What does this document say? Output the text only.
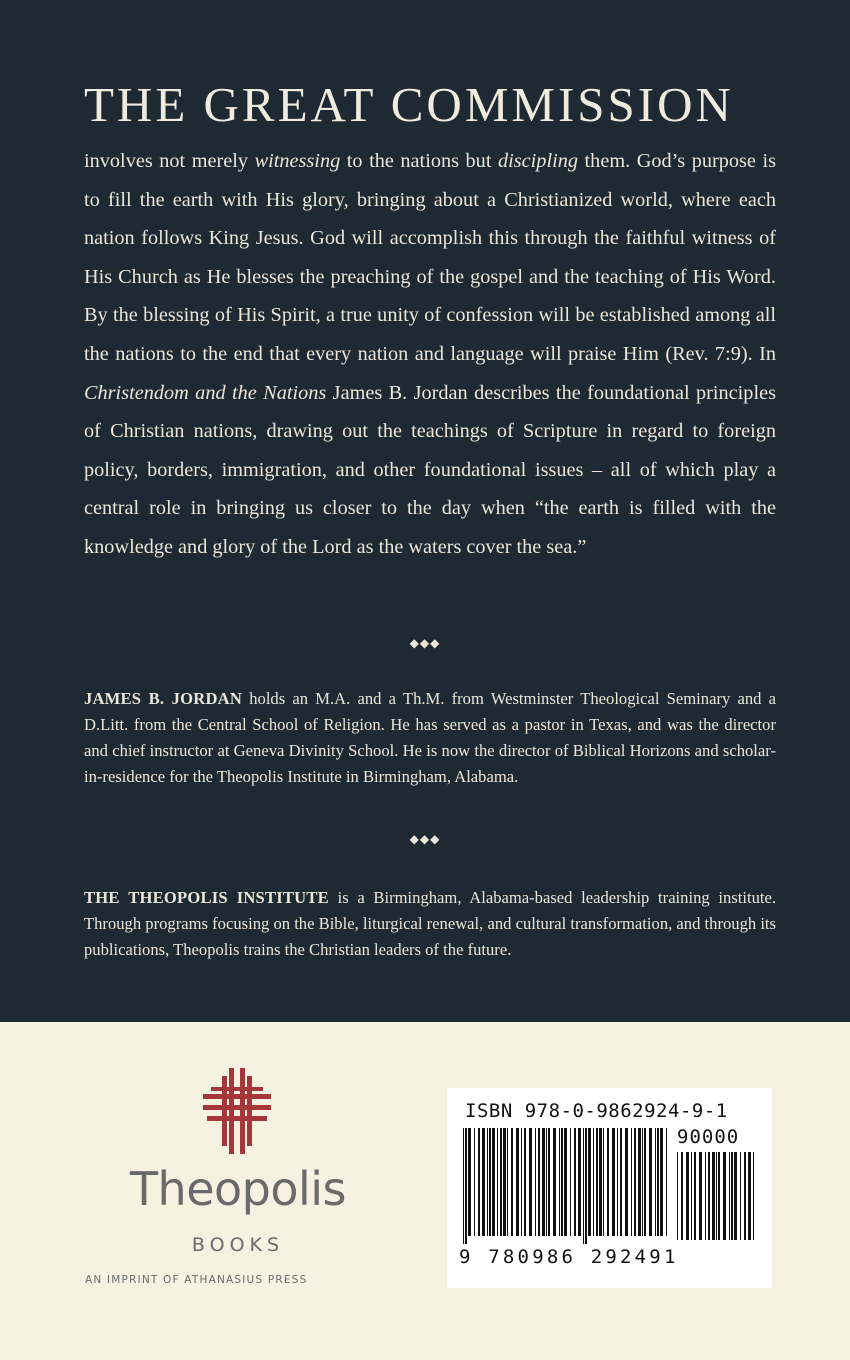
THE GREAT COMMISSION

involves not merely witnessing to the nations but discipling them. God’s purpose is to fill the earth with His glory, bringing about a Christianized world, where each nation follows King Jesus. God will accomplish this through the faithful witness of His Church as He blesses the preaching of the gospel and the teaching of His Word. By the blessing of His Spirit, a true unity of confession will be established among all the nations to the end that every nation and language will praise Him (Rev. 7:9). In Christendom and the Nations James B. Jordan describes the foundational principles of Christian nations, drawing out the teachings of Scripture in regard to foreign policy, borders, immigration, and other foundational issues – all of which play a central role in bringing us closer to the day when “the earth is filled with the knowledge and glory of the Lord as the waters cover the sea.”

◆◆◆

JAMES B. JORDAN holds an M.A. and a Th.M. from Westminster Theological Seminary and a D.Litt. from the Central School of Religion. He has served as a pastor in Texas, and was the director and chief instructor at Geneva Divinity School. He is now the director of Biblical Horizons and scholar-in-residence for the Theopolis Institute in Birmingham, Alabama.

◆◆◆

THE THEOPOLIS INSTITUTE is a Birmingham, Alabama-based leadership training institute. Through programs focusing on the Bible, liturgical renewal, and cultural transformation, and through its publications, Theopolis trains the Christian leaders of the future.

Theopolis
BOOKS
AN IMPRINT OF ATHANASIUS PRESS
ISBN 978-0-9862924-9-1
90000
9 780986 292491
